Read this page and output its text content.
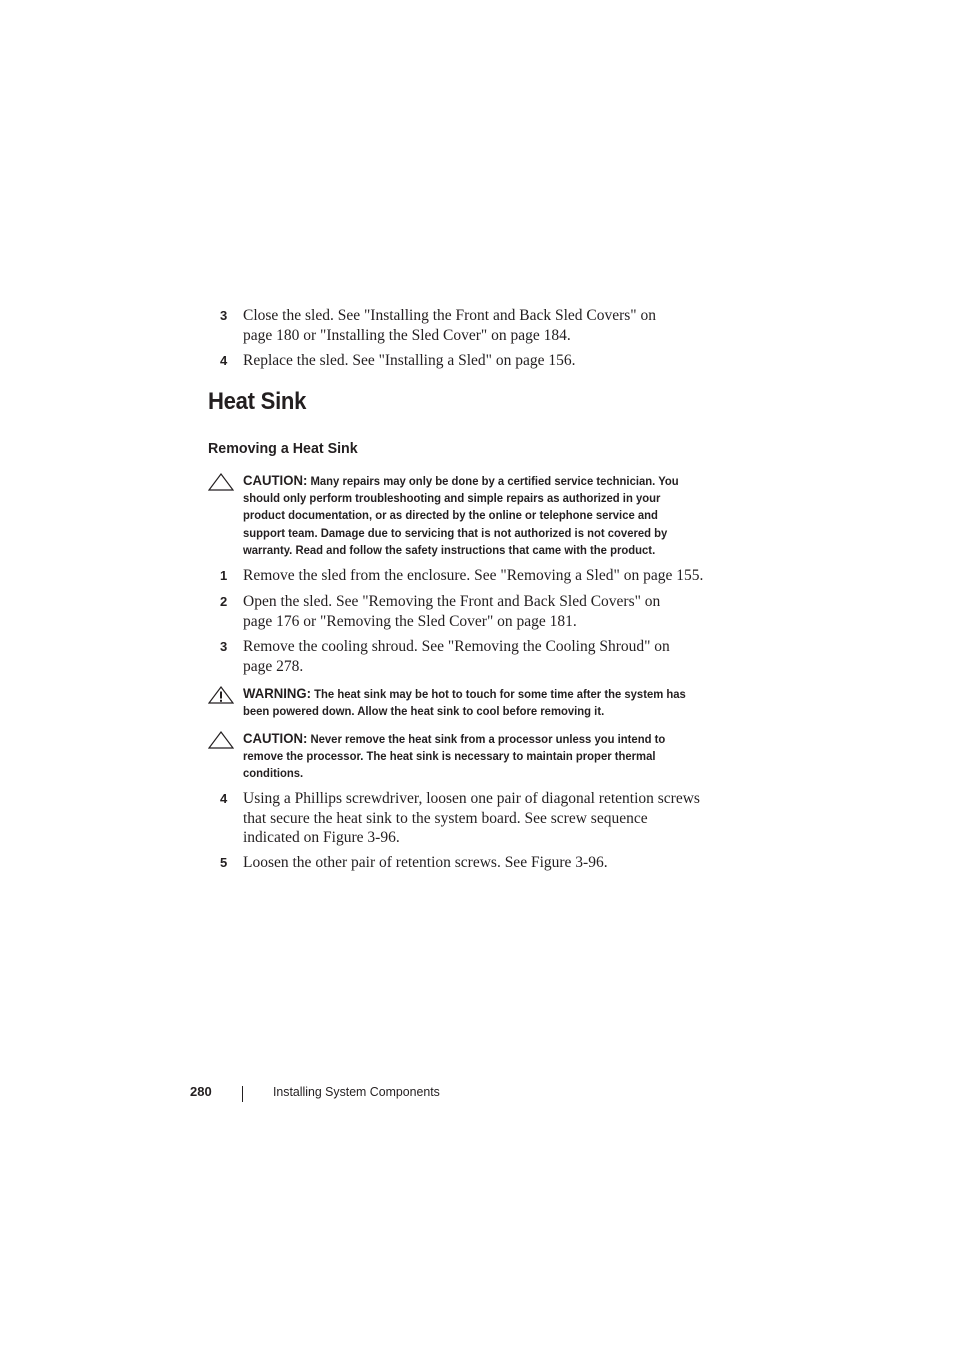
3 Close the sled. See "Installing the Front and Back Sled Covers" on
page 180 or "Installing the Sled Cover" on page 184.
4 Replace the sled. See "Installing a Sled" on page 156.
Heat Sink
Removing a Heat Sink
CAUTION: Many repairs may only be done by a certified service technician. You
should only perform troubleshooting and simple repairs as authorized in your
product documentation, or as directed by the online or telephone service and
support team. Damage due to servicing that is not authorized is not covered by
warranty. Read and follow the safety instructions that came with the product.
1 Remove the sled from the enclosure. See "Removing a Sled" on page 155.
2 Open the sled. See "Removing the Front and Back Sled Covers" on
page 176 or "Removing the Sled Cover" on page 181.
3 Remove the cooling shroud. See "Removing the Cooling Shroud" on
page 278.
WARNING: The heat sink may be hot to touch for some time after the system has
been powered down. Allow the heat sink to cool before removing it.
CAUTION: Never remove the heat sink from a processor unless you intend to
remove the processor. The heat sink is necessary to maintain proper thermal
conditions.
4 Using a Phillips screwdriver, loosen one pair of diagonal retention screws
that secure the heat sink to the system board. See screw sequence
indicated on Figure 3-96.
5 Loosen the other pair of retention screws. See Figure 3-96.
280	Installing System Components
